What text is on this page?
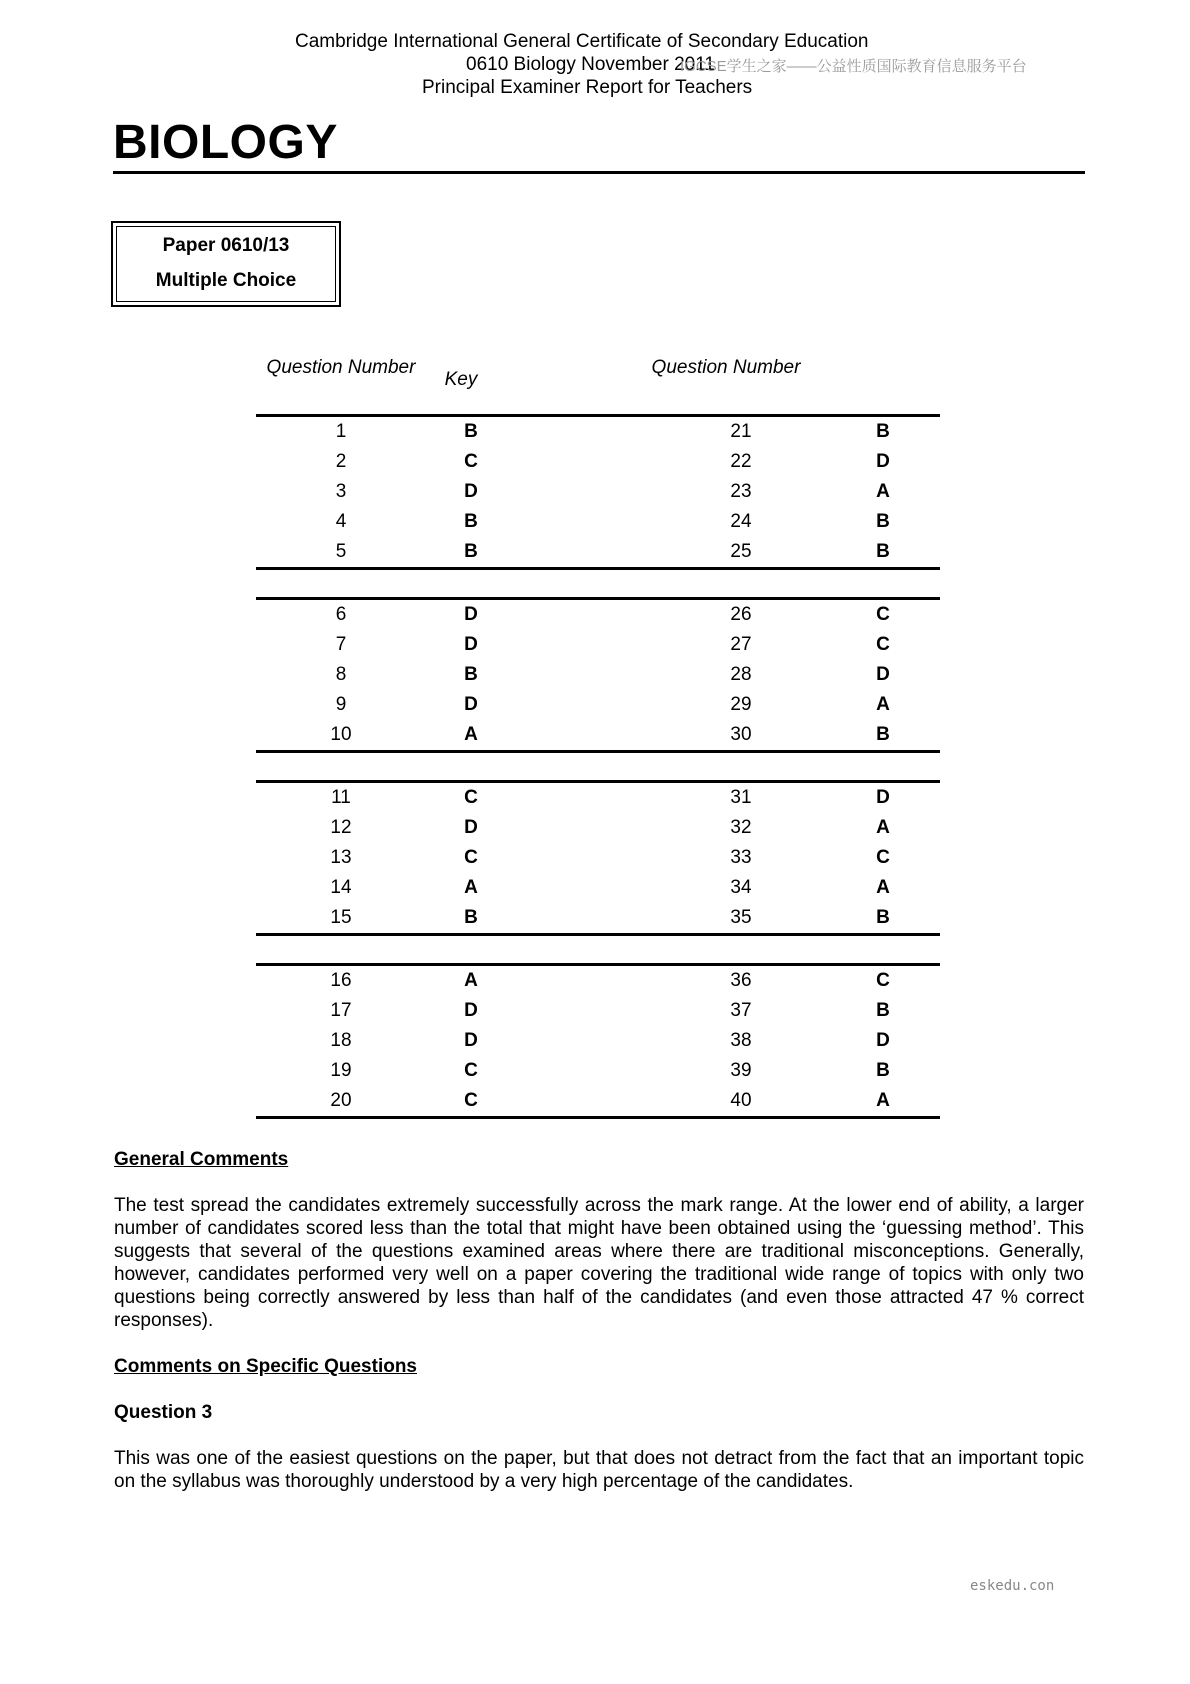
Cambridge International General Certificate of Secondary Education
0610 Biology November 2011
Principal Examiner Report for Teachers
IGCSE学生之家——公益性质国际教育信息服务平台
BIOLOGY
Paper 0610/13
Multiple Choice
Question Number
Key
Question Number
1	B	21	B
2	C	22	D
3	D	23	A
4	B	24	B
5	B	25	B
6	D	26	C
7	D	27	C
8	B	28	D
9	D	29	A
10	A	30	B
11	C	31	D
12	D	32	A
13	C	33	C
14	A	34	A
15	B	35	B
16	A	36	C
17	D	37	B
18	D	38	D
19	C	39	B
20	C	40	A
General Comments
The test spread the candidates extremely successfully across the mark range. At the lower end of ability, a larger number of candidates scored less than the total that might have been obtained using the ‘guessing method’. This suggests that several of the questions examined areas where there are traditional misconceptions. Generally, however, candidates performed very well on a paper covering the traditional wide range of topics with only two questions being correctly answered by less than half of the candidates (and even those attracted 47 % correct responses).
Comments on Specific Questions
Question 3
This was one of the easiest questions on the paper, but that does not detract from the fact that an important topic on the syllabus was thoroughly understood by a very high percentage of the candidates.
eskedu.con
